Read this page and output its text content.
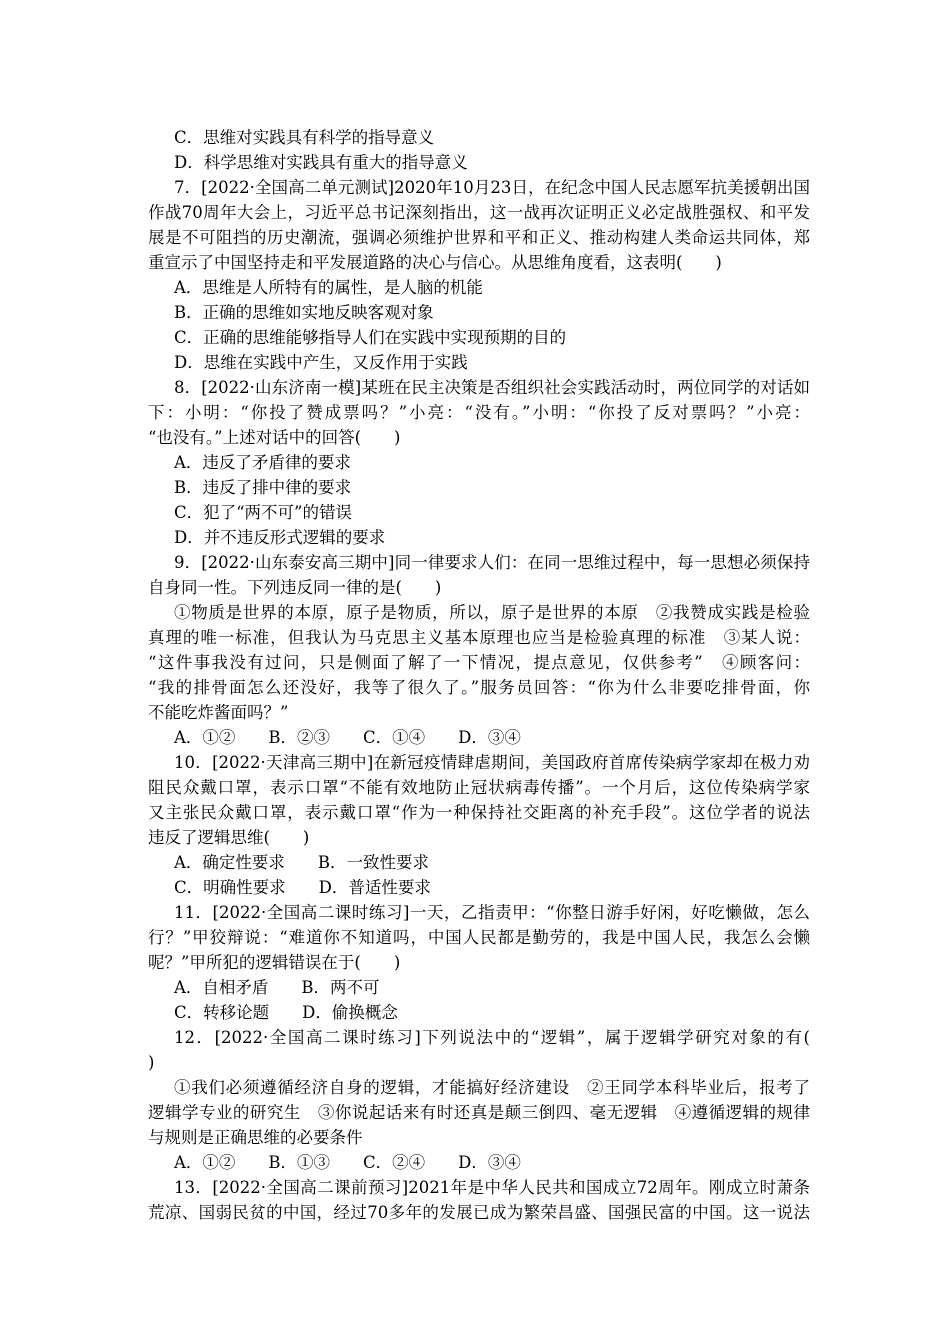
C．思维对实践具有科学的指导意义
D．科学思维对实践具有重大的指导意义
7．[2022·全国高二单元测试]2020年10月23日，在纪念中国人民志愿军抗美援朝出国
作战70周年大会上，习近平总书记深刻指出，这一战再次证明正义必定战胜强权、和平发
展是不可阻挡的历史潮流，强调必须维护世界和平和正义、推动构建人类命运共同体，郑
重宣示了中国坚持走和平发展道路的决心与信心。从思维角度看，这表明(　　)
A．思维是人所特有的属性，是人脑的机能
B．正确的思维如实地反映客观对象
C．正确的思维能够指导人们在实践中实现预期的目的
D．思维在实践中产生，又反作用于实践
8．[2022·山东济南一模]某班在民主决策是否组织社会实践活动时，两位同学的对话如
下：小明：“你投了赞成票吗？”小亮：“没有。”小明：“你投了反对票吗？”小亮：
“也没有。”上述对话中的回答(　　)
A．违反了矛盾律的要求
B．违反了排中律的要求
C．犯了“两不可”的错误
D．并不违反形式逻辑的要求
9．[2022·山东泰安高三期中]同一律要求人们：在同一思维过程中，每一思想必须保持
自身同一性。下列违反同一律的是(　　)
①物质是世界的本原，原子是物质，所以，原子是世界的本原　②我赞成实践是检验
真理的唯一标准，但我认为马克思主义基本原理也应当是检验真理的标准　③某人说：
“这件事我没有过问，只是侧面了解了一下情况，提点意见，仅供参考”　④顾客问：
“我的排骨面怎么还没好，我等了很久了。”服务员回答：“你为什么非要吃排骨面，你
不能吃炸酱面吗？”
A．①②　　B．②③　　C．①④　　D．③④
10．[2022·天津高三期中]在新冠疫情肆虐期间，美国政府首席传染病学家却在极力劝
阻民众戴口罩，表示口罩“不能有效地防止冠状病毒传播”。一个月后，这位传染病学家
又主张民众戴口罩，表示戴口罩“作为一种保持社交距离的补充手段”。这位学者的说法
违反了逻辑思维(　　)
A．确定性要求　　B．一致性要求
C．明确性要求　　D．普适性要求
11．[2022·全国高二课时练习]一天，乙指责甲：“你整日游手好闲，好吃懒做，怎么
行？”甲狡辩说：“难道你不知道吗，中国人民都是勤劳的，我是中国人民，我怎么会懒
呢？”甲所犯的逻辑错误在于(　　)
A．自相矛盾　　B．两不可
C．转移论题　　D．偷换概念
12．[2022·全国高二课时练习]下列说法中的“逻辑”，属于逻辑学研究对象的有(
)
①我们必须遵循经济自身的逻辑，才能搞好经济建设　②王同学本科毕业后，报考了
逻辑学专业的研究生　③你说起话来有时还真是颠三倒四、毫无逻辑　④遵循逻辑的规律
与规则是正确思维的必要条件
A．①②　　B．①③　　C．②④　　D．③④
13．[2022·全国高二课前预习]2021年是中华人民共和国成立72周年。刚成立时萧条
荒凉、国弱民贫的中国，经过70多年的发展已成为繁荣昌盛、国强民富的中国。这一说法
